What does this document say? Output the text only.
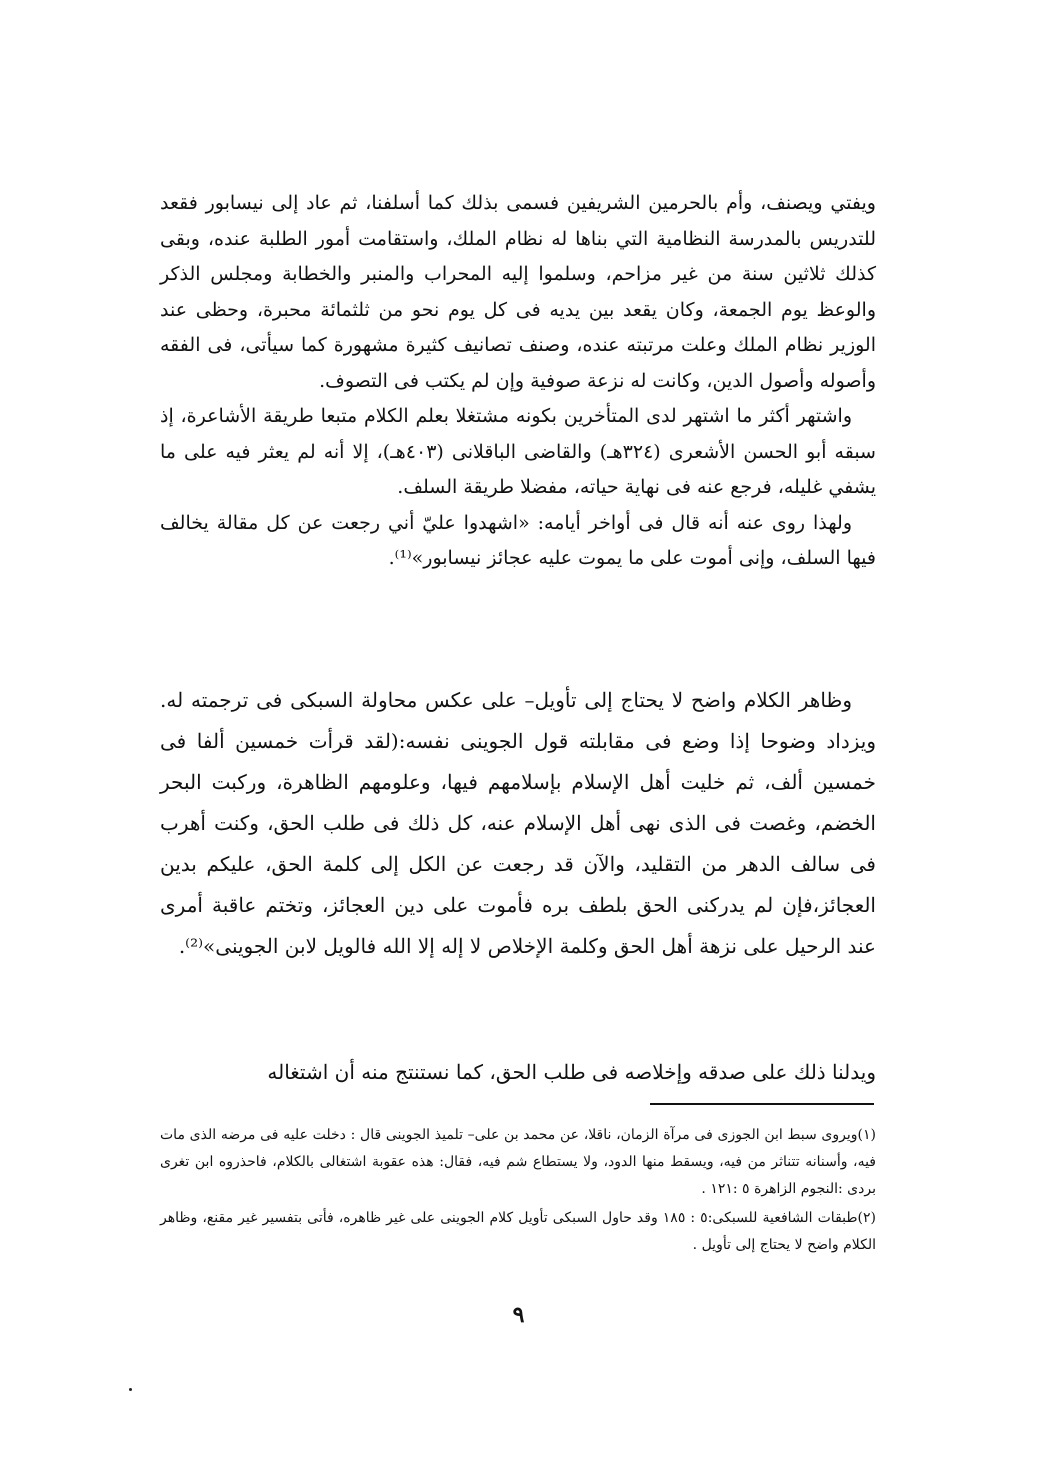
ويفتي ويصنف، وأم بالحرمين الشريفين فسمى بذلك كما أسلفنا، ثم عاد إلى نيسابور فقعد للتدريس بالمدرسة النظامية التي بناها له نظام الملك، واستقامت أمور الطلبة عنده، وبقى كذلك ثلاثين سنة من غير مزاحم، وسلموا إليه المحراب والمنبر والخطابة ومجلس الذكر والوعظ يوم الجمعة، وكان يقعد بين يديه فى كل يوم نحو من ثلثمائة محبرة، وحظى عند الوزير نظام الملك وعلت مرتبته عنده، وصنف تصانيف كثيرة مشهورة كما سيأتى، فى الفقه وأصوله وأصول الدين، وكانت له نزعة صوفية وإن لم يكتب فى التصوف.

واشتهر أكثر ما اشتهر لدى المتأخرين بكونه مشتغلا بعلم الكلام متبعا طريقة الأشاعرة، إذ سبقه أبو الحسن الأشعرى (٣٢٤هـ) والقاضى الباقلانى (٤٠٣هـ)، إلا أنه لم يعثر فيه على ما يشفي غليله، فرجع عنه فى نهاية حياته، مفضلا طريقة السلف.

ولهذا روى عنه أنه قال فى أواخر أيامه: «اشهدوا عليّ أني رجعت عن كل مقالة يخالف فيها السلف، وإنى أموت على ما يموت عليه عجائز نيسابور»⁽¹⁾.

وظاهر الكلام واضح لا يحتاج إلى تأويل– على عكس محاولة السبكى فى ترجمته له. ويزداد وضوحا إذا وضع فى مقابلته قول الجوينى نفسه:(لقد قرأت خمسين ألفا فى خمسين ألف، ثم خليت أهل الإسلام بإسلامهم فيها، وعلومهم الظاهرة، وركبت البحر الخضم، وغصت فى الذى نهى أهل الإسلام عنه، كل ذلك فى طلب الحق، وكنت أهرب فى سالف الدهر من التقليد، والآن قد رجعت عن الكل إلى كلمة الحق، عليكم بدين العجائز،فإن لم يدركنى الحق بلطف بره فأموت على دين العجائز، وتختم عاقبة أمرى عند الرحيل على نزهة أهل الحق وكلمة الإخلاص لا إله إلا الله فالويل لابن الجوينى»⁽²⁾.

ويدلنا ذلك على صدقه وإخلاصه فى طلب الحق، كما نستنتج منه أن اشتغاله

(١)ويروى سبط ابن الجوزى فى مرآة الزمان، ناقلا، عن محمد بن على– تلميذ الجوينى قال : دخلت عليه فى مرضه الذى مات فيه، وأسنانه تتناثر من فيه، ويسقط منها الدود، ولا يستطاع شم فيه، فقال: هذه عقوبة اشتغالى بالكلام، فاحذروه ابن تغرى بردى :النجوم الزاهرة ٥ :١٢١ .

(٢)طبقات الشافعية للسبكى:٥ : ١٨٥ وقد حاول السبكى تأويل كلام الجوينى على غير ظاهره، فأتى بتفسير غير مقنع، وظاهر الكلام واضح لا يحتاج إلى تأويل .

٩
